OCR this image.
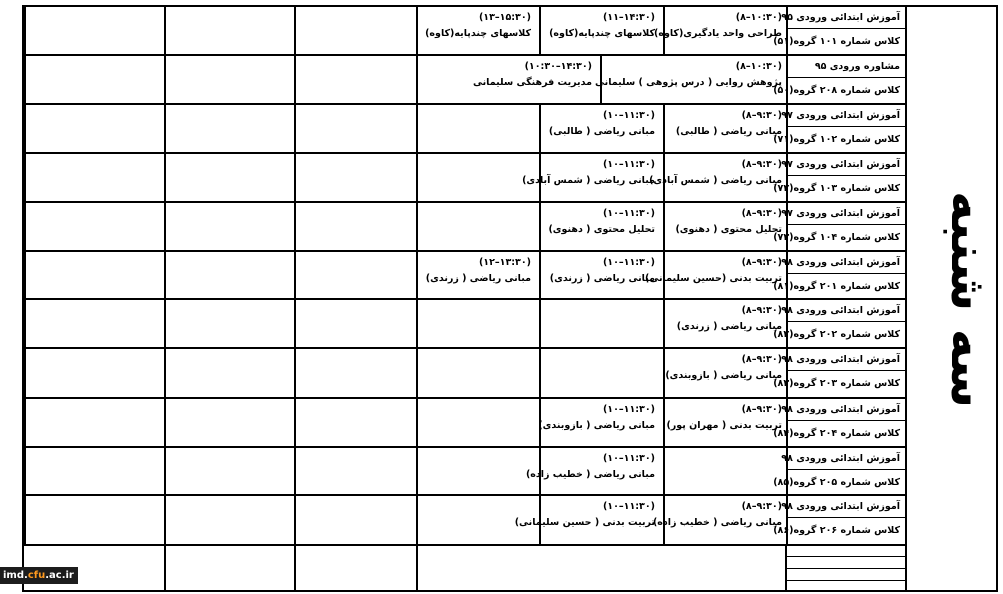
آموزش ابتدائی ورودی ۹۵
کلاس شماره ۱۰۱ گروه(۵۱)
(۸–۱۰:۳۰)
طراحی واحد یادگیری(کاوه)
(۱۱–۱۴:۳۰)
کلاسهای چندپایه(کاوه)
(۱۳–۱۵:۳۰)
کلاسهای چندپایه(کاوه)
مشاوره ورودی ۹۵
کلاس شماره ۲۰۸ گروه(۵۰)
(۸–۱۰:۳۰)
پژوهش روایی ( درس پژوهی ) سلیمانی
(۱۰:۳۰–۱۴:۳۰)
مدیریت فرهنگی سلیمانی
آموزش ابتدائی ورودی ۹۷
کلاس شماره ۱۰۲ گروه(۷۱)
(۸–۹:۳۰)
مبانی ریاضی ( طالبی)
(۱۰–۱۱:۳۰)
مبانی ریاضی ( طالبی)
آموزش ابتدائی ورودی ۹۷
کلاس شماره ۱۰۳ گروه(۷۲)
(۸–۹:۳۰)
مبانی ریاضی ( شمس آبادی)
(۱۰–۱۱:۳۰)
مبانی ریاضی ( شمس آبادی)
آموزش ابتدائی ورودی ۹۷
کلاس شماره ۱۰۴ گروه(۷۳)
(۸–۹:۳۰)
تحلیل محتوی ( دهنوی)
(۱۰–۱۱:۳۰)
تحلیل محتوی ( دهنوی)
آموزش ابتدائی ورودی ۹۸
کلاس شماره ۲۰۱ گروه(۸۱)
(۸–۹:۳۰)
تربیت بدنی (حسین سلیمانی)
(۱۰–۱۱:۳۰)
مبانی ریاضی ( زرندی)
(۱۲–۱۳:۳۰)
مبانی ریاضی ( زرندی)
آموزش ابتدائی ورودی ۹۸
کلاس شماره ۲۰۲ گروه(۸۲)
(۸–۹:۳۰)
مبانی ریاضی ( زرندی)
آموزش ابتدائی ورودی ۹۸
کلاس شماره ۲۰۳ گروه(۸۳)
(۸–۹:۳۰)
مبانی ریاضی ( بازوبندی)
آموزش ابتدائی ورودی ۹۸
کلاس شماره ۲۰۴ گروه(۸۴)
(۸–۹:۳۰)
تربیت بدنی ( مهران پور)
(۱۰–۱۱:۳۰)
مبانی ریاضی ( بازوبندی)
آموزش ابتدائی ورودی ۹۸
کلاس شماره ۲۰۵ گروه(۸۵)
(۱۰–۱۱:۳۰)
مبانی ریاضی ( خطیب زاده)
آموزش ابتدائی ورودی ۹۸
کلاس شماره ۲۰۶ گروه(۸۶)
(۸–۹:۳۰)
مبانی ریاضی ( خطیب زاده)
(۱۰–۱۱:۳۰)
تربیت بدنی ( حسین سلیمانی)
سه شنبه
imd.cfu.ac.ir
